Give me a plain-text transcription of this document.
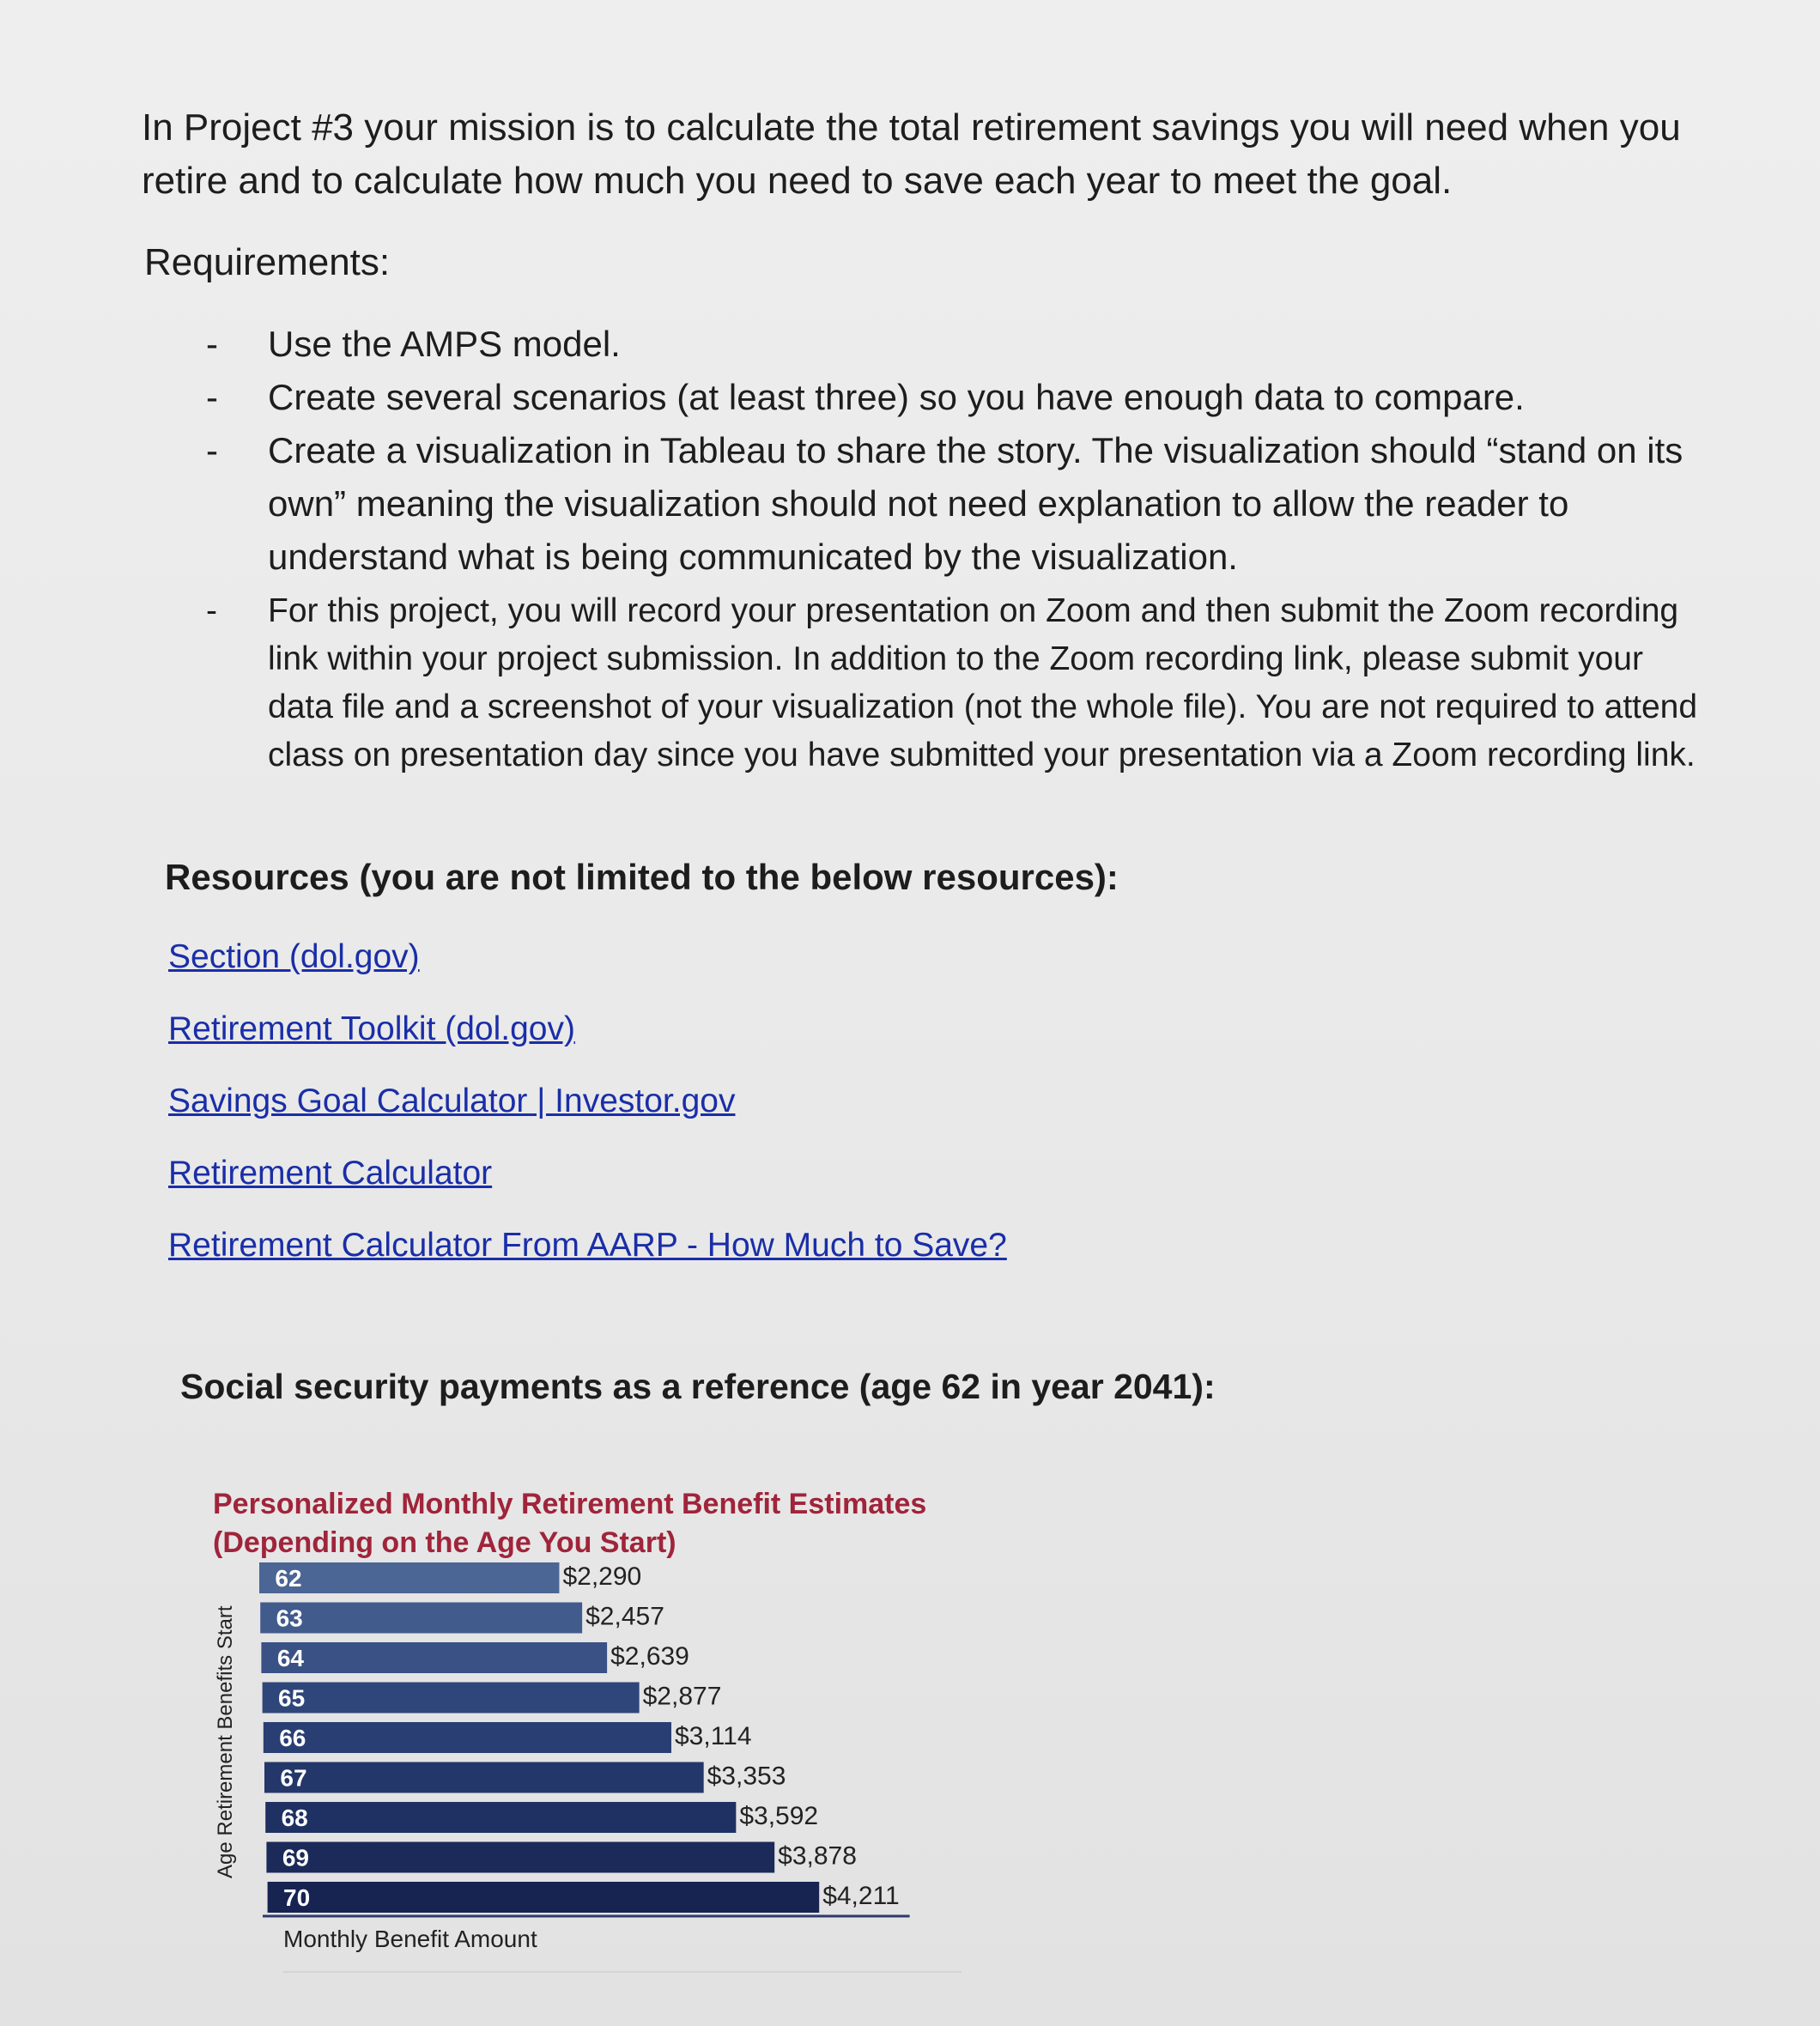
In Project #3 your mission is to calculate the total retirement savings you will need when you retire and to calculate how much you need to save each year to meet the goal.

Requirements:

- Use the AMPS model.
- Create several scenarios (at least three) so you have enough data to compare.
- Create a visualization in Tableau to share the story. The visualization should “stand on its own” meaning the visualization should not need explanation to allow the reader to understand what is being communicated by the visualization.
- For this project, you will record your presentation on Zoom and then submit the Zoom recording link within your project submission. In addition to the Zoom recording link, please submit your data file and a screenshot of your visualization (not the whole file). You are not required to attend class on presentation day since you have submitted your presentation via a Zoom recording link.

Resources (you are not limited to the below resources):

Section (dol.gov)
Retirement Toolkit (dol.gov)
Savings Goal Calculator | Investor.gov
Retirement Calculator
Retirement Calculator From AARP - How Much to Save?

Social security payments as a reference (age 62 in year 2041):

Personalized Monthly Retirement Benefit Estimates
(Depending on the Age You Start)

62	$2,290
63	$2,457
64	$2,639
65	$2,877
66	$3,114
67	$3,353
68	$3,592
69	$3,878
70	$4,211
Monthly Benefit Amount
Age Retirement Benefits Start
